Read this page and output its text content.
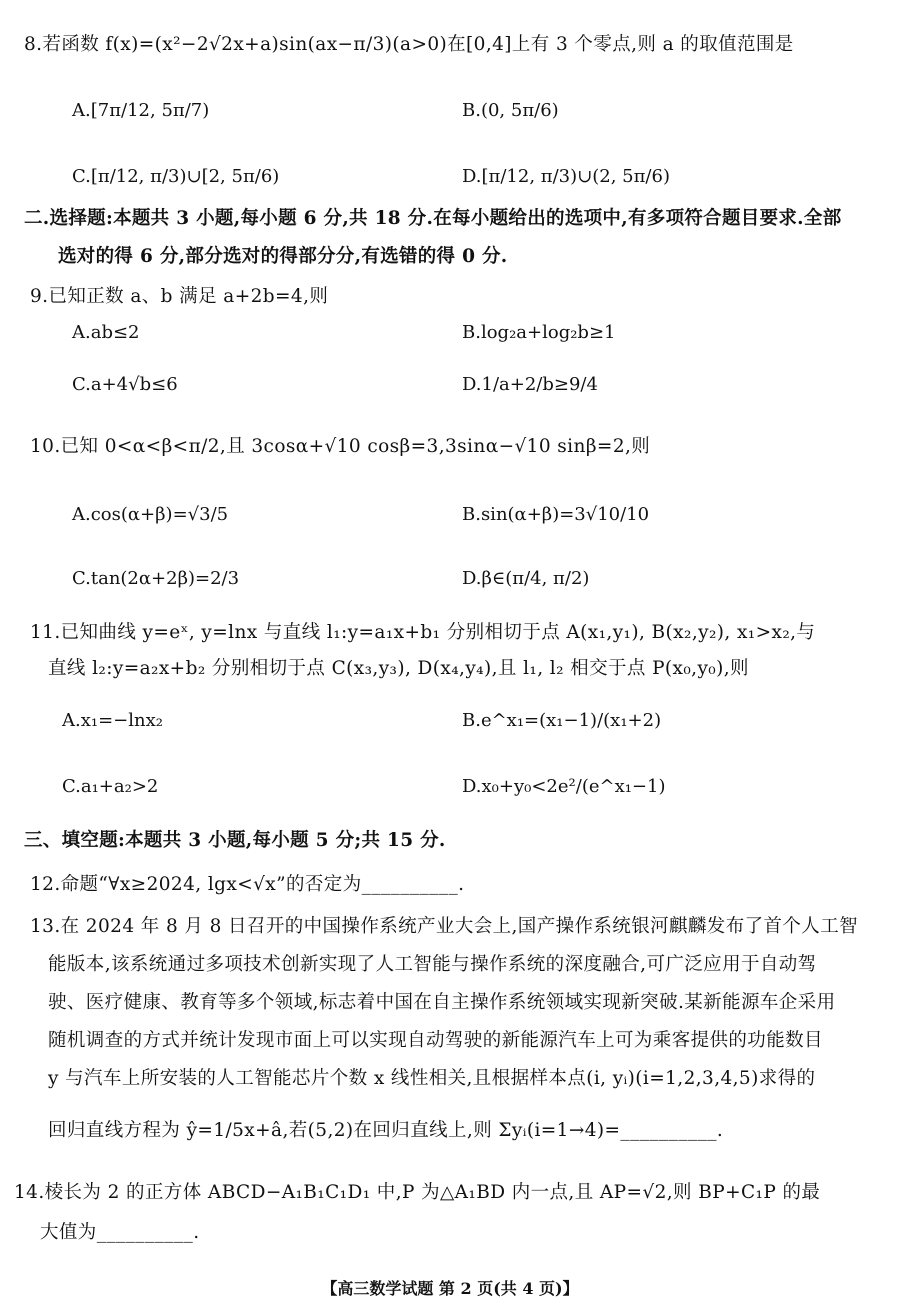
8.若函数 f(x)=(x²−2√2x+a)sin(ax−π/3)(a>0)在[0,4]上有 3 个零点,则 a 的取值范围是
A.[7π/12, 5π/7)	B.(0, 5π/6)
C.[π/12, π/3)∪[2, 5π/6)	D.[π/12, π/3)∪(2, 5π/6)
二.选择题:本题共 3 小题,每小题 6 分,共 18 分.在每小题给出的选项中,有多项符合题目要求.全部
选对的得 6 分,部分选对的得部分分,有选错的得 0 分.
9.已知正数 a、b 满足 a+2b=4,则
A.ab≤2	B.log₂a+log₂b≥1
C.a+4√b≤6	D.1/a+2/b≥9/4
10.已知 0<α<β<π/2,且 3cosα+√10 cosβ=3,3sinα−√10 sinβ=2,则
A.cos(α+β)=√3/5	B.sin(α+β)=3√10/10
C.tan(2α+2β)=2/3	D.β∈(π/4, π/2)
11.已知曲线 y=eˣ, y=lnx 与直线 l₁:y=a₁x+b₁ 分别相切于点 A(x₁,y₁), B(x₂,y₂), x₁>x₂,与
直线 l₂:y=a₂x+b₂ 分别相切于点 C(x₃,y₃), D(x₄,y₄),且 l₁, l₂ 相交于点 P(x₀,y₀),则
A.x₁=−lnx₂	B.e^x₁=(x₁−1)/(x₁+2)
C.a₁+a₂>2	D.x₀+y₀<2e²/(e^x₁−1)
三、填空题:本题共 3 小题,每小题 5 分;共 15 分.
12.命题“∀x≥2024, lgx<√x”的否定为__________.
13.在 2024 年 8 月 8 日召开的中国操作系统产业大会上,国产操作系统银河麒麟发布了首个人工智
能版本,该系统通过多项技术创新实现了人工智能与操作系统的深度融合,可广泛应用于自动驾
驶、医疗健康、教育等多个领域,标志着中国在自主操作系统领域实现新突破.某新能源车企采用
随机调查的方式并统计发现市面上可以实现自动驾驶的新能源汽车上可为乘客提供的功能数目
y 与汽车上所安装的人工智能芯片个数 x 线性相关,且根据样本点(i, yᵢ)(i=1,2,3,4,5)求得的
回归直线方程为 ŷ=1/5x+â,若(5,2)在回归直线上,则 Σyᵢ(i=1→4)=__________.
14.棱长为 2 的正方体 ABCD−A₁B₁C₁D₁ 中,P 为△A₁BD 内一点,且 AP=√2,则 BP+C₁P 的最
大值为__________.
【高三数学试题 第 2 页(共 4 页)】
